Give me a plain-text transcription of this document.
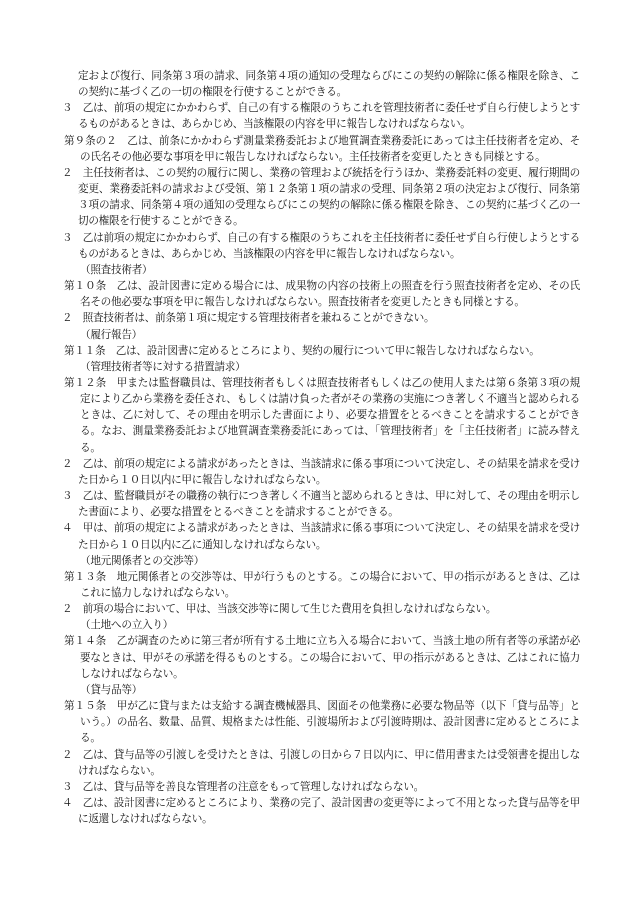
定および復行、同条第３項の請求、同条第４項の通知の受理ならびにこの契約の解除に係る権限を除き、この契約に基づく乙の一切の権限を行使することができる。

３　乙は、前項の規定にかかわらず、自己の有する権限のうちこれを管理技術者に委任せず自ら行使しようとするものがあるときは、あらかじめ、当該権限の内容を甲に報告しなければならない。

第９条の２　乙は、前条にかかわらず測量業務委託および地質調査業務委託にあっては主任技術者を定め、その氏名その他必要な事項を甲に報告しなければならない。主任技術者を変更したときも同様とする。

２　主任技術者は、この契約の履行に関し、業務の管理および統括を行うほか、業務委託料の変更、履行期間の変更、業務委託料の請求および受領、第１２条第１項の請求の受理、同条第２項の決定および復行、同条第３項の請求、同条第４項の通知の受理ならびにこの契約の解除に係る権限を除き、この契約に基づく乙の一切の権限を行使することができる。

３　乙は前項の規定にかかわらず、自己の有する権限のうちこれを主任技術者に委任せず自ら行使しようとするものがあるときは、あらかじめ、当該権限の内容を甲に報告しなければならない。

（照査技術者）

第１０条　乙は、設計図書に定める場合には、成果物の内容の技術上の照査を行う照査技術者を定め、その氏名その他必要な事項を甲に報告しなければならない。照査技術者を変更したときも同様とする。

２　照査技術者は、前条第１項に規定する管理技術者を兼ねることができない。

（履行報告）

第１１条　乙は、設計図書に定めるところにより、契約の履行について甲に報告しなければならない。

（管理技術者等に対する措置請求）

第１２条　甲または監督職員は、管理技術者もしくは照査技術者もしくは乙の使用人または第６条第３項の規定により乙から業務を委任され、もしくは請け負った者がその業務の実施につき著しく不適当と認められるときは、乙に対して、その理由を明示した書面により、必要な措置をとるべきことを請求することができる。なお、測量業務委託および地質調査業務委託にあっては、「管理技術者」を「主任技術者」に読み替える。

２　乙は、前項の規定による請求があったときは、当該請求に係る事項について決定し、その結果を請求を受けた日から１０日以内に甲に報告しなければならない。

３　乙は、監督職員がその職務の執行につき著しく不適当と認められるときは、甲に対して、その理由を明示した書面により、必要な措置をとるべきことを請求することができる。

４　甲は、前項の規定による請求があったときは、当該請求に係る事項について決定し、その結果を請求を受けた日から１０日以内に乙に通知しなければならない。

（地元関係者との交渉等）

第１３条　地元関係者との交渉等は、甲が行うものとする。この場合において、甲の指示があるときは、乙はこれに協力しなければならない。

２　前項の場合において、甲は、当該交渉等に関して生じた費用を負担しなければならない。

（土地への立入り）

第１４条　乙が調査のために第三者が所有する土地に立ち入る場合において、当該土地の所有者等の承諾が必要なときは、甲がその承諾を得るものとする。この場合において、甲の指示があるときは、乙はこれに協力しなければならない。

（貸与品等）

第１５条　甲が乙に貸与または支給する調査機械器具、図面その他業務に必要な物品等（以下「貸与品等」という。）の品名、数量、品質、規格または性能、引渡場所および引渡時期は、設計図書に定めるところによる。

２　乙は、貸与品等の引渡しを受けたときは、引渡しの日から７日以内に、甲に借用書または受領書を提出しなければならない。

３　乙は、貸与品等を善良な管理者の注意をもって管理しなければならない。

４　乙は、設計図書に定めるところにより、業務の完了、設計図書の変更等によって不用となった貸与品等を甲に返還しなければならない。
